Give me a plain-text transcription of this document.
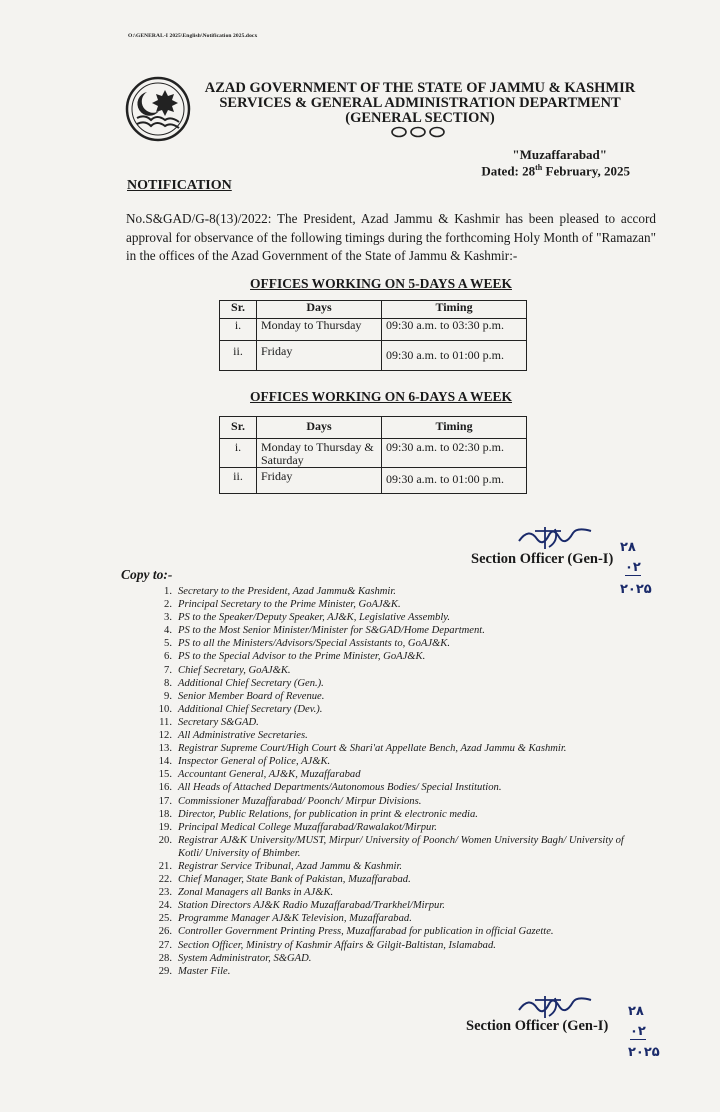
O:\GENERAL-I 2025\English\Notification 2025.docx
AZAD GOVERNMENT OF THE STATE OF JAMMU & KASHMIR
SERVICES & GENERAL ADMINISTRATION DEPARTMENT
(GENERAL SECTION)
"Muzaffarabad"
Dated: 28th February, 2025
NOTIFICATION
No.S&GAD/G-8(13)/2022: The President, Azad Jammu & Kashmir has been pleased to accord approval for observance of the following timings during the forthcoming Holy Month of "Ramazan" in the offices of the Azad Government of the State of Jammu & Kashmir:-
OFFICES WORKING ON 5-DAYS A WEEK
Sr.	Days	Timing
i.	Monday to Thursday	09:30 a.m. to 03:30 p.m.
ii.	Friday	09:30 a.m. to 01:00 p.m.
OFFICES WORKING ON 6-DAYS A WEEK
Sr.	Days	Timing
i.	Monday to Thursday & Saturday	09:30 a.m. to 02:30 p.m.
ii.	Friday	09:30 a.m. to 01:00 p.m.
Section Officer (Gen-I)
۲۸
۰۲
۲۰۲۵
Copy to:-
1. Secretary to the President, Azad Jammu& Kashmir.
2. Principal Secretary to the Prime Minister, GoAJ&K.
3. PS to the Speaker/Deputy Speaker, AJ&K, Legislative Assembly.
4. PS to the Most Senior Minister/Minister for S&GAD/Home Department.
5. PS to all the Ministers/Advisors/Special Assistants to, GoAJ&K.
6. PS to the Special Advisor to the Prime Minister, GoAJ&K.
7. Chief Secretary, GoAJ&K.
8. Additional Chief Secretary (Gen.).
9. Senior Member Board of Revenue.
10. Additional Chief Secretary (Dev.).
11. Secretary S&GAD.
12. All Administrative Secretaries.
13. Registrar Supreme Court/High Court & Shari'at Appellate Bench, Azad Jammu & Kashmir.
14. Inspector General of Police, AJ&K.
15. Accountant General, AJ&K, Muzaffarabad
16. All Heads of Attached Departments/Autonomous Bodies/ Special Institution.
17. Commissioner Muzaffarabad/ Poonch/ Mirpur Divisions.
18. Director, Public Relations, for publication in print & electronic media.
19. Principal Medical College Muzaffarabad/Rawalakot/Mirpur.
20. Registrar AJ&K University/MUST, Mirpur/ University of Poonch/ Women University Bagh/ University of Kotli/ University of Bhimber.
21. Registrar Service Tribunal, Azad Jammu & Kashmir.
22. Chief Manager, State Bank of Pakistan, Muzaffarabad.
23. Zonal Managers all Banks in AJ&K.
24. Station Directors AJ&K Radio Muzaffarabad/Trarkhel/Mirpur.
25. Programme Manager AJ&K Television, Muzaffarabad.
26. Controller Government Printing Press, Muzaffarabad for publication in official Gazette.
27. Section Officer, Ministry of Kashmir Affairs & Gilgit-Baltistan, Islamabad.
28. System Administrator, S&GAD.
29. Master File.
Section Officer (Gen-I)
۲۸
۰۲
۲۰۲۵
